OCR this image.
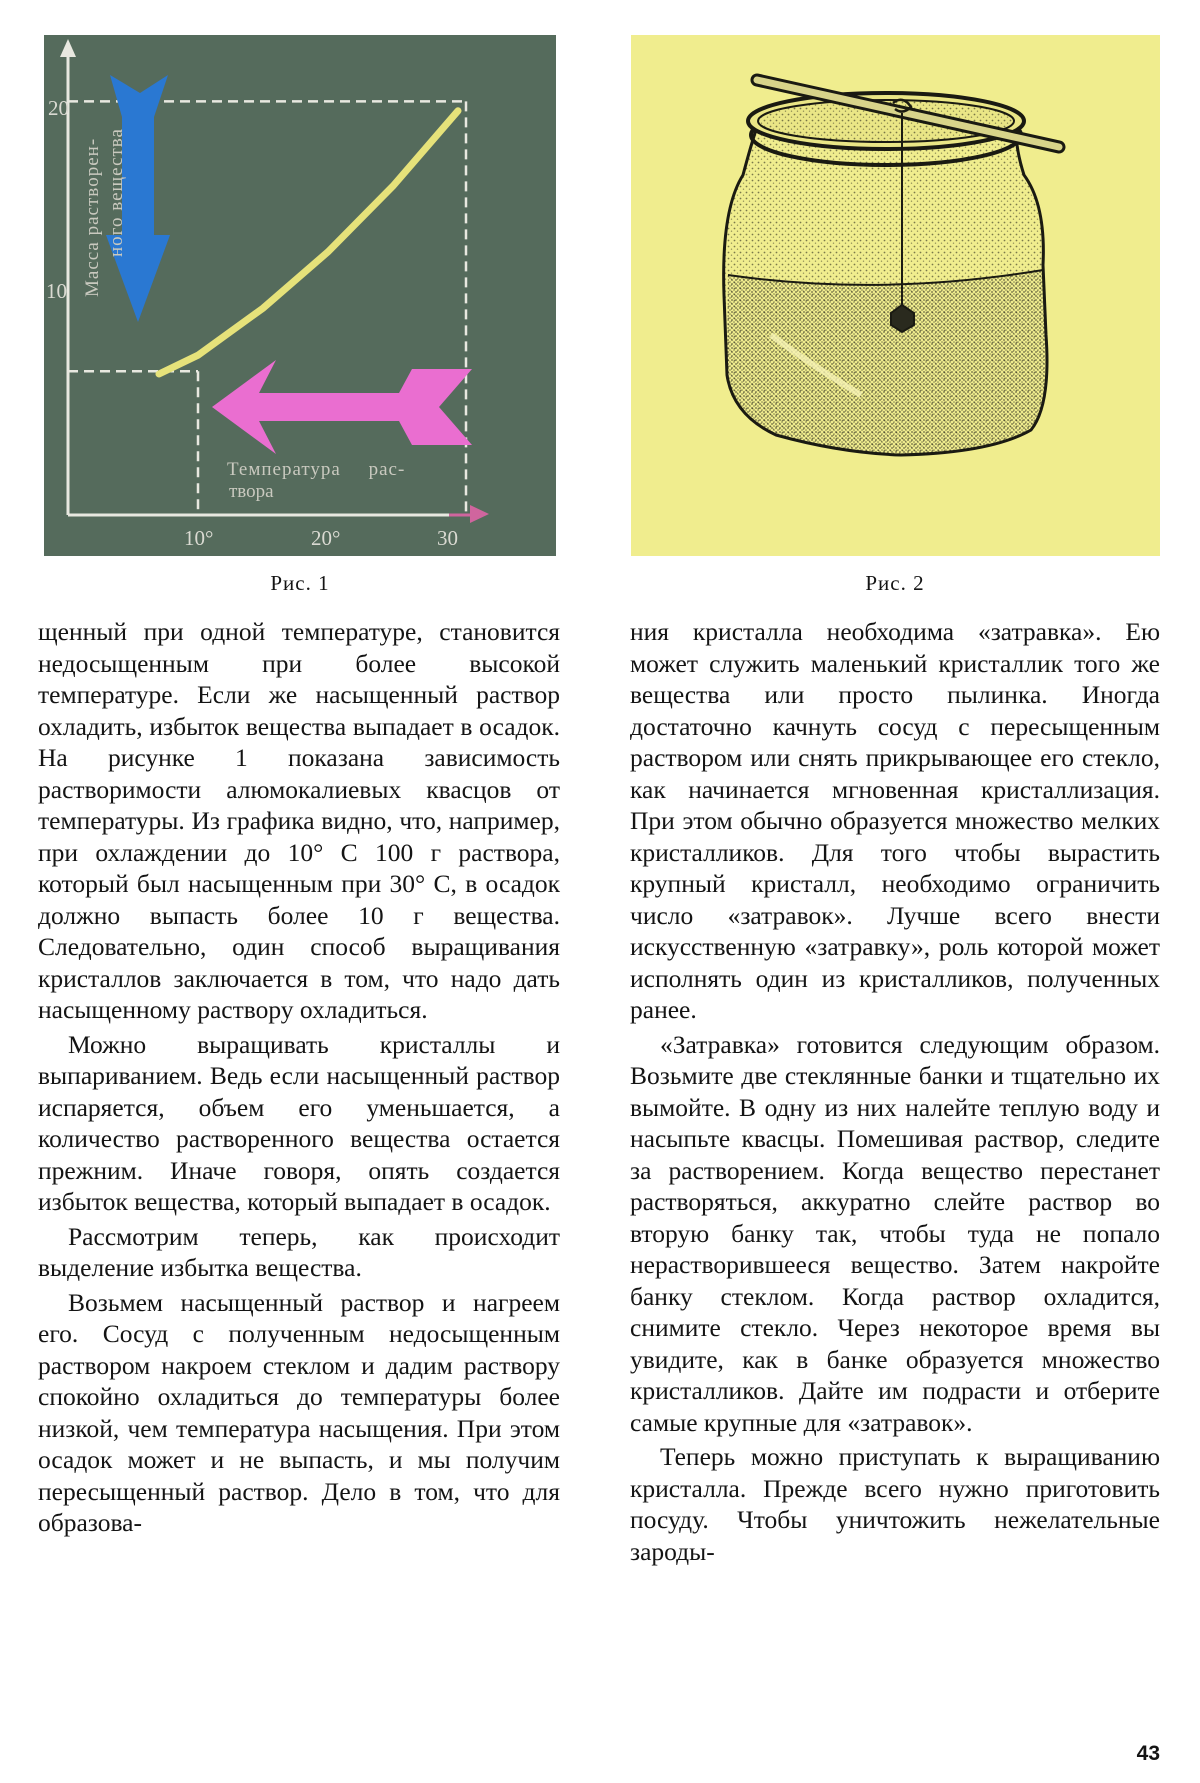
20
10
10°	20°	30
Масса раствoрен- ного вещества
Температура рас-
твора
Рис. 1	Рис. 2

щенный при одной температуре, становится недосыщенным при более высокой температуре. Если же насыщенный раствор охладить, избыток вещества выпадает в осадок. На рисунке 1 показана зависимость растворимости алюмокалиевых квасцов от температуры. Из графика видно, что, например, при охлаждении до 10° С 100 г раствора, который был насыщенным при 30° С, в осадок должно выпасть более 10 г вещества. Следовательно, один способ выращивания кристаллов заключается в том, что надо дать насыщенному раствору охладиться.

Можно выращивать кристаллы и выпариванием. Ведь если насыщенный раствор испаряется, объем его уменьшается, а количество растворенного вещества остается прежним. Иначе говоря, опять создается избыток вещества, который выпадает в осадок.

Рассмотрим теперь, как происходит выделение избытка вещества.

Возьмем насыщенный раствор и нагреем его. Сосуд с полученным недосыщенным раствором накроем стеклом и дадим раствору спокойно охладиться до температуры более низкой, чем температура насыщения. При этом осадок может и не выпасть, и мы получим пересыщенный раствор. Дело в том, что для образова-

ния кристалла необходима «затравка». Ею может служить маленький кристаллик того же вещества или просто пылинка. Иногда достаточно качнуть сосуд с пересыщенным раствором или снять прикрывающее его стекло, как начинается мгновенная кристаллизация. При этом обычно образуется множество мелких кристалликов. Для того чтобы вырастить крупный кристалл, необходимо ограничить число «затравок». Лучше всего внести искусственную «затравку», роль которой может исполнять один из кристалликов, полученных ранее.

«Затравка» готовится следующим образом. Возьмите две стеклянные банки и тщательно их вымойте. В одну из них налейте теплую воду и насыпьте квасцы. Помешивая раствор, следите за растворением. Когда вещество перестанет растворяться, аккуратно слейте раствор во вторую банку так, чтобы туда не попало нерастворившееся вещество. Затем накройте банку стеклом. Когда раствор охладится, снимите стекло. Через некоторое время вы увидите, как в банке образуется множество кристалликов. Дайте им подрасти и отберите самые крупные для «затравок».

Теперь можно приступать к выращиванию кристалла. Прежде всего нужно приготовить посуду. Чтобы уничтожить нежелательные зароды-

43
